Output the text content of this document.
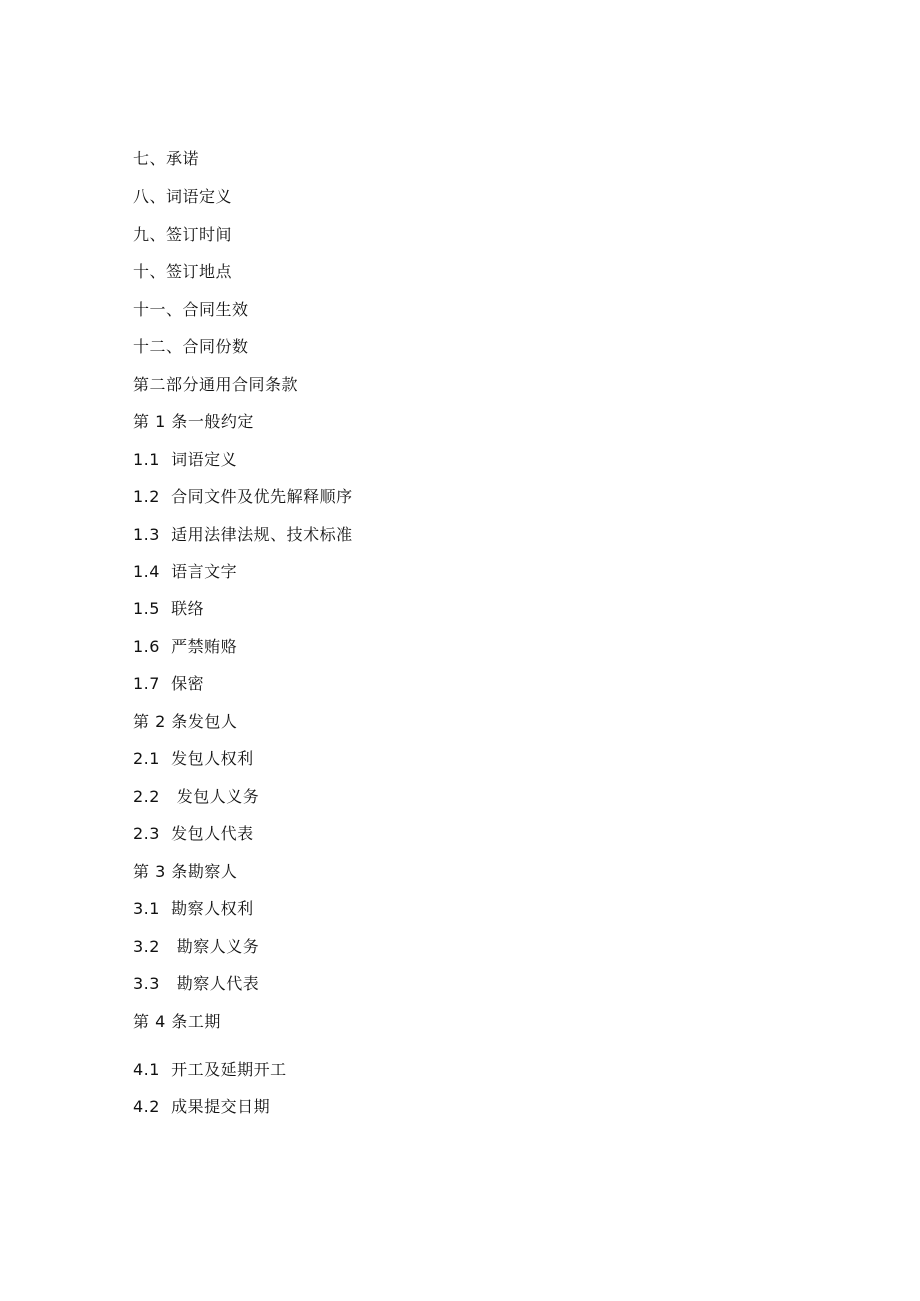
七、承诺
八、词语定义
九、签订时间
十、签订地点
十一、合同生效
十二、合同份数
第二部分通用合同条款
第 1 条一般约定
1.1  词语定义
1.2  合同文件及优先解释顺序
1.3  适用法律法规、技术标准
1.4  语言文字
1.5  联络
1.6  严禁贿赂
1.7  保密
第 2 条发包人
2.1  发包人权利
2.2   发包人义务
2.3  发包人代表
第 3 条勘察人
3.1  勘察人权利
3.2   勘察人义务
3.3   勘察人代表
第 4 条工期
4.1  开工及延期开工
4.2  成果提交日期
